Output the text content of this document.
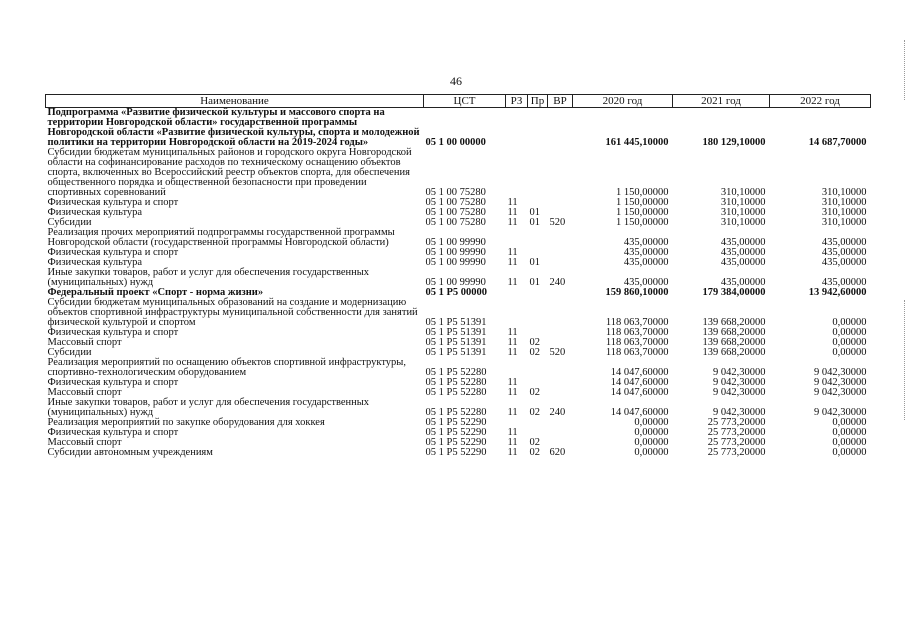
46
Наименование	ЦСТ	РЗ	Пр	ВР	2020 год	2021 год	2022 год
Подпрограмма «Развитие физической культуры и массового спорта на территории Новгородской области» государственной программы Новгородской области «Развитие физической культуры, спорта и молодежной политики на территории Новгородской области на 2019-2024 годы»	05 1 00 00000				161 445,10000	180 129,10000	14 687,70000
Субсидии бюджетам муниципальных районов и городского округа Новгородской области на софинансирование расходов по техническому оснащению объектов спорта, включенных во Всероссийский реестр объектов спорта, для обеспечения общественного порядка и общественной безопасности при проведении спортивных соревнований	05 1 00 75280				1 150,00000	310,10000	310,10000
Физическая культура и спорт	05 1 00 75280	11			1 150,00000	310,10000	310,10000
Физическая культура	05 1 00 75280	11	01		1 150,00000	310,10000	310,10000
Субсидии	05 1 00 75280	11	01	520	1 150,00000	310,10000	310,10000
Реализация прочих мероприятий подпрограммы государственной программы Новгородской области (государственной программы Новгородской области)	05 1 00 99990				435,00000	435,00000	435,00000
Физическая культура и спорт	05 1 00 99990	11			435,00000	435,00000	435,00000
Физическая культура	05 1 00 99990	11	01		435,00000	435,00000	435,00000
Иные закупки товаров, работ и услуг для обеспечения государственных (муниципальных) нужд	05 1 00 99990	11	01	240	435,00000	435,00000	435,00000
Федеральный проект «Спорт - норма жизни»	05 1 Р5 00000				159 860,10000	179 384,00000	13 942,60000
Субсидии бюджетам муниципальных образований на создание и модернизацию объектов спортивной инфраструктуры муниципальной собственности для занятий физической культурой и спортом	05 1 Р5 51391				118 063,70000	139 668,20000	0,00000
Физическая культура и спорт	05 1 Р5 51391	11			118 063,70000	139 668,20000	0,00000
Массовый спорт	05 1 Р5 51391	11	02		118 063,70000	139 668,20000	0,00000
Субсидии	05 1 Р5 51391	11	02	520	118 063,70000	139 668,20000	0,00000
Реализация мероприятий по оснащению объектов спортивной инфраструктуры, спортивно-технологическим оборудованием	05 1 Р5 52280				14 047,60000	9 042,30000	9 042,30000
Физическая культура и спорт	05 1 Р5 52280	11			14 047,60000	9 042,30000	9 042,30000
Массовый спорт	05 1 Р5 52280	11	02		14 047,60000	9 042,30000	9 042,30000
Иные закупки товаров, работ и услуг для обеспечения государственных (муниципальных) нужд	05 1 Р5 52280	11	02	240	14 047,60000	9 042,30000	9 042,30000
Реализация мероприятий по закупке оборудования для хоккея	05 1 Р5 52290				0,00000	25 773,20000	0,00000
Физическая культура и спорт	05 1 Р5 52290	11			0,00000	25 773,20000	0,00000
Массовый спорт	05 1 Р5 52290	11	02		0,00000	25 773,20000	0,00000
Субсидии автономным учреждениям	05 1 Р5 52290	11	02	620	0,00000	25 773,20000	0,00000
